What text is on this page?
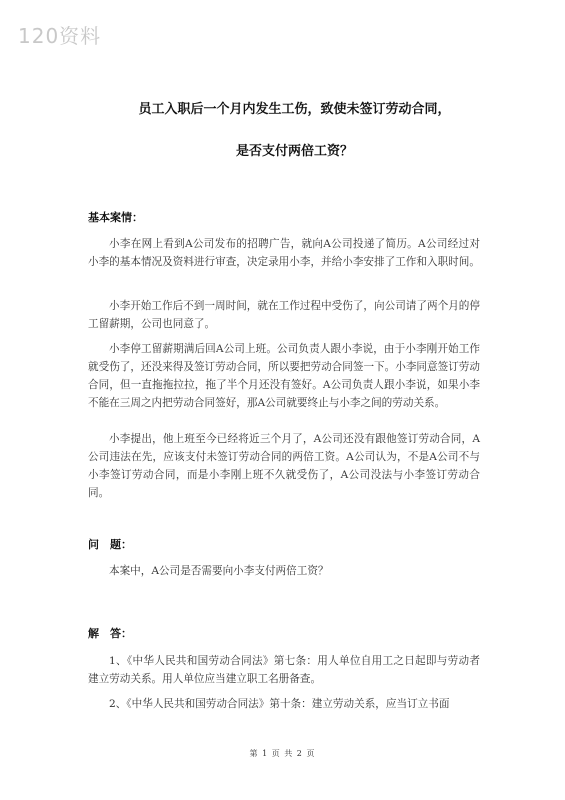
120资料
员工入职后一个月内发生工伤，致使未签订劳动合同，
是否支付两倍工资？
基本案情：

小李在网上看到A公司发布的招聘广告，就向A公司投递了简历。A公司经过对小李的基本情况及资料进行审查，决定录用小李，并给小李安排了工作和入职时间。

小李开始工作后不到一周时间，就在工作过程中受伤了，向公司请了两个月的停工留薪期，公司也同意了。

小李停工留薪期满后回A公司上班。公司负责人跟小李说，由于小李刚开始工作就受伤了，还没来得及签订劳动合同，所以要把劳动合同签一下。小李同意签订劳动合同，但一直拖拖拉拉，拖了半个月还没有签好。A公司负责人跟小李说，如果小李不能在三周之内把劳动合同签好，那A公司就要终止与小李之间的劳动关系。

小李提出，他上班至今已经将近三个月了，A公司还没有跟他签订劳动合同，A公司违法在先，应该支付未签订劳动合同的两倍工资。A公司认为，不是A公司不与小李签订劳动合同，而是小李刚上班不久就受伤了，A公司没法与小李签订劳动合同。

问　题：

本案中，A公司是否需要向小李支付两倍工资？

解　答：

1、《中华人民共和国劳动合同法》第七条：用人单位自用工之日起即与劳动者建立劳动关系。用人单位应当建立职工名册备查。

2、《中华人民共和国劳动合同法》第十条：建立劳动关系，应当订立书面

第 1 页 共 2 页
